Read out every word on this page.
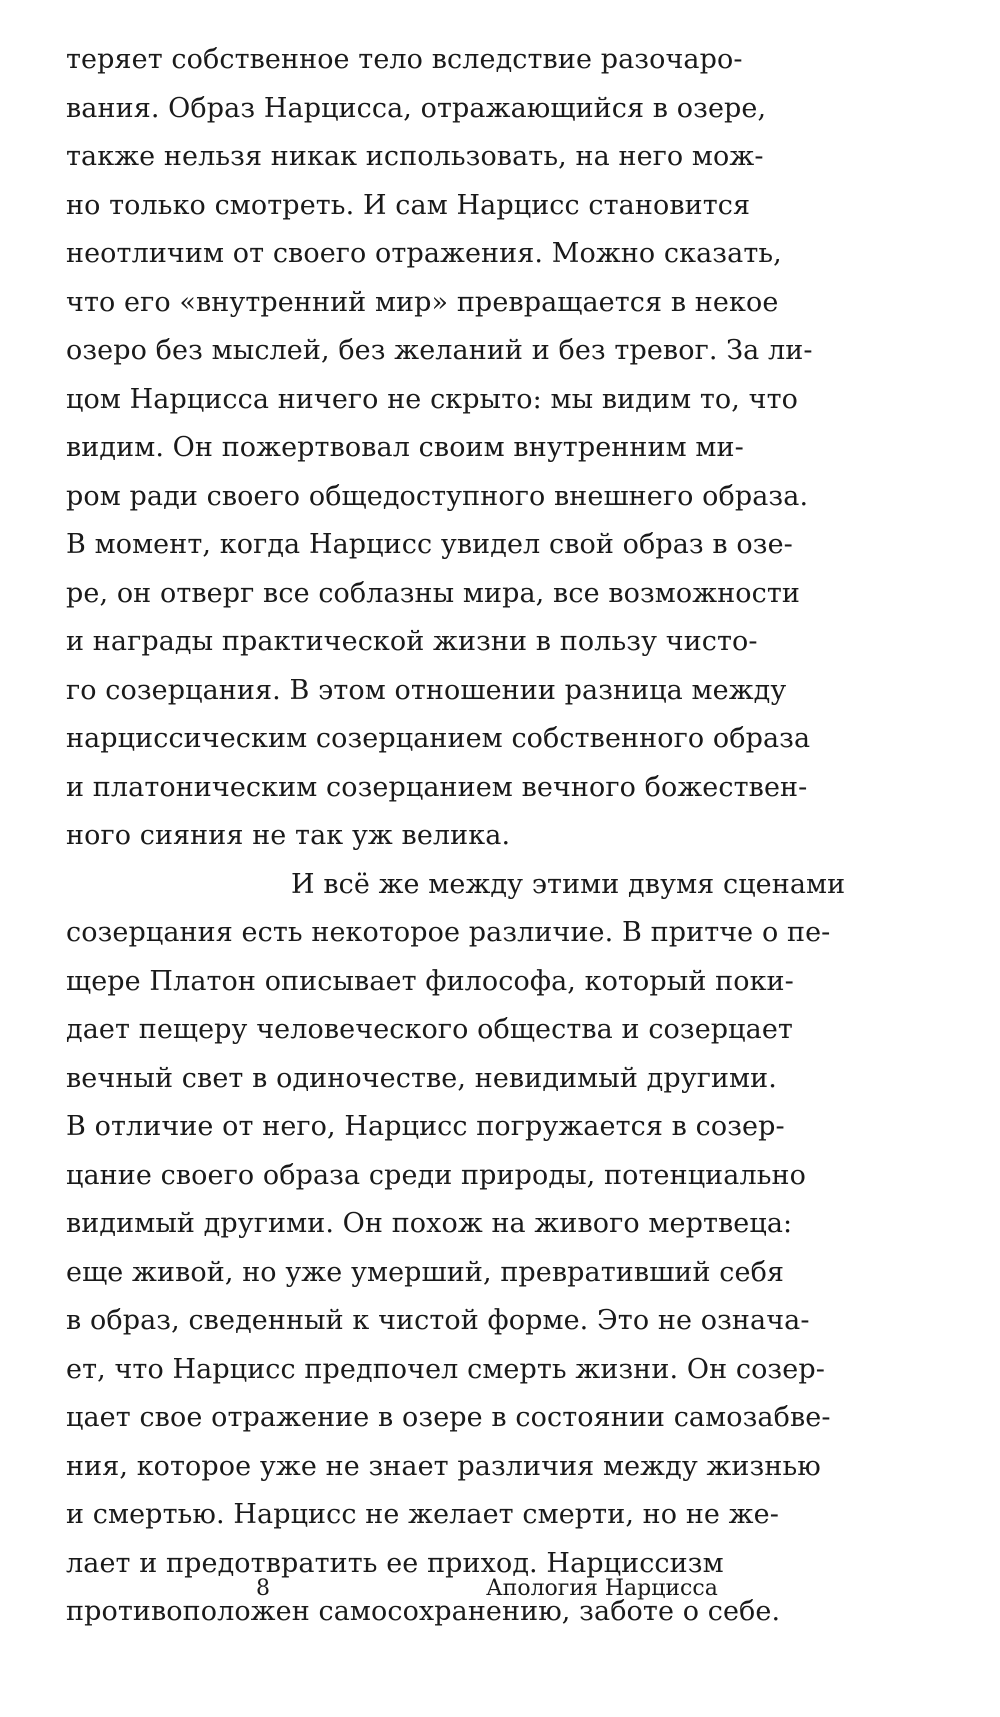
теряет собственное тело вследствие разочаро-
вания. Образ Нарцисса, отражающийся в озере,
также нельзя никак использовать, на него мож-
но только смотреть. И сам Нарцисс становится
неотличим от своего отражения. Можно сказать,
что его «внутренний мир» превращается в некое
озеро без мыслей, без желаний и без тревог. За ли-
цом Нарцисса ничего не скрыто: мы видим то, что
видим. Он пожертвовал своим внутренним ми-
ром ради своего общедоступного внешнего образа.
В момент, когда Нарцисс увидел свой образ в озе-
ре, он отверг все соблазны мира, все возможности
и награды практической жизни в пользу чисто-
го созерцания. В этом отношении разница между
нарциссическим созерцанием собственного образа
и платоническим созерцанием вечного божествен-
ного сияния не так уж велика.
И всё же между этими двумя сценами
созерцания есть некоторое различие. В притче о пе-
щере Платон описывает философа, который поки-
дает пещеру человеческого общества и созерцает
вечный свет в одиночестве, невидимый другими.
В отличие от него, Нарцисс погружается в созер-
цание своего образа среди природы, потенциально
видимый другими. Он похож на живого мертвеца:
еще живой, но уже умерший, превративший себя
в образ, сведенный к чистой форме. Это не означа-
ет, что Нарцисс предпочел смерть жизни. Он созер-
цает свое отражение в озере в состоянии самозабве-
ния, которое уже не знает различия между жизнью
и смертью. Нарцисс не желает смерти, но не же-
лает и предотвратить ее приход. Нарциссизм
противоположен самосохранению, заботе о себе.
8	Апология Нарцисса
